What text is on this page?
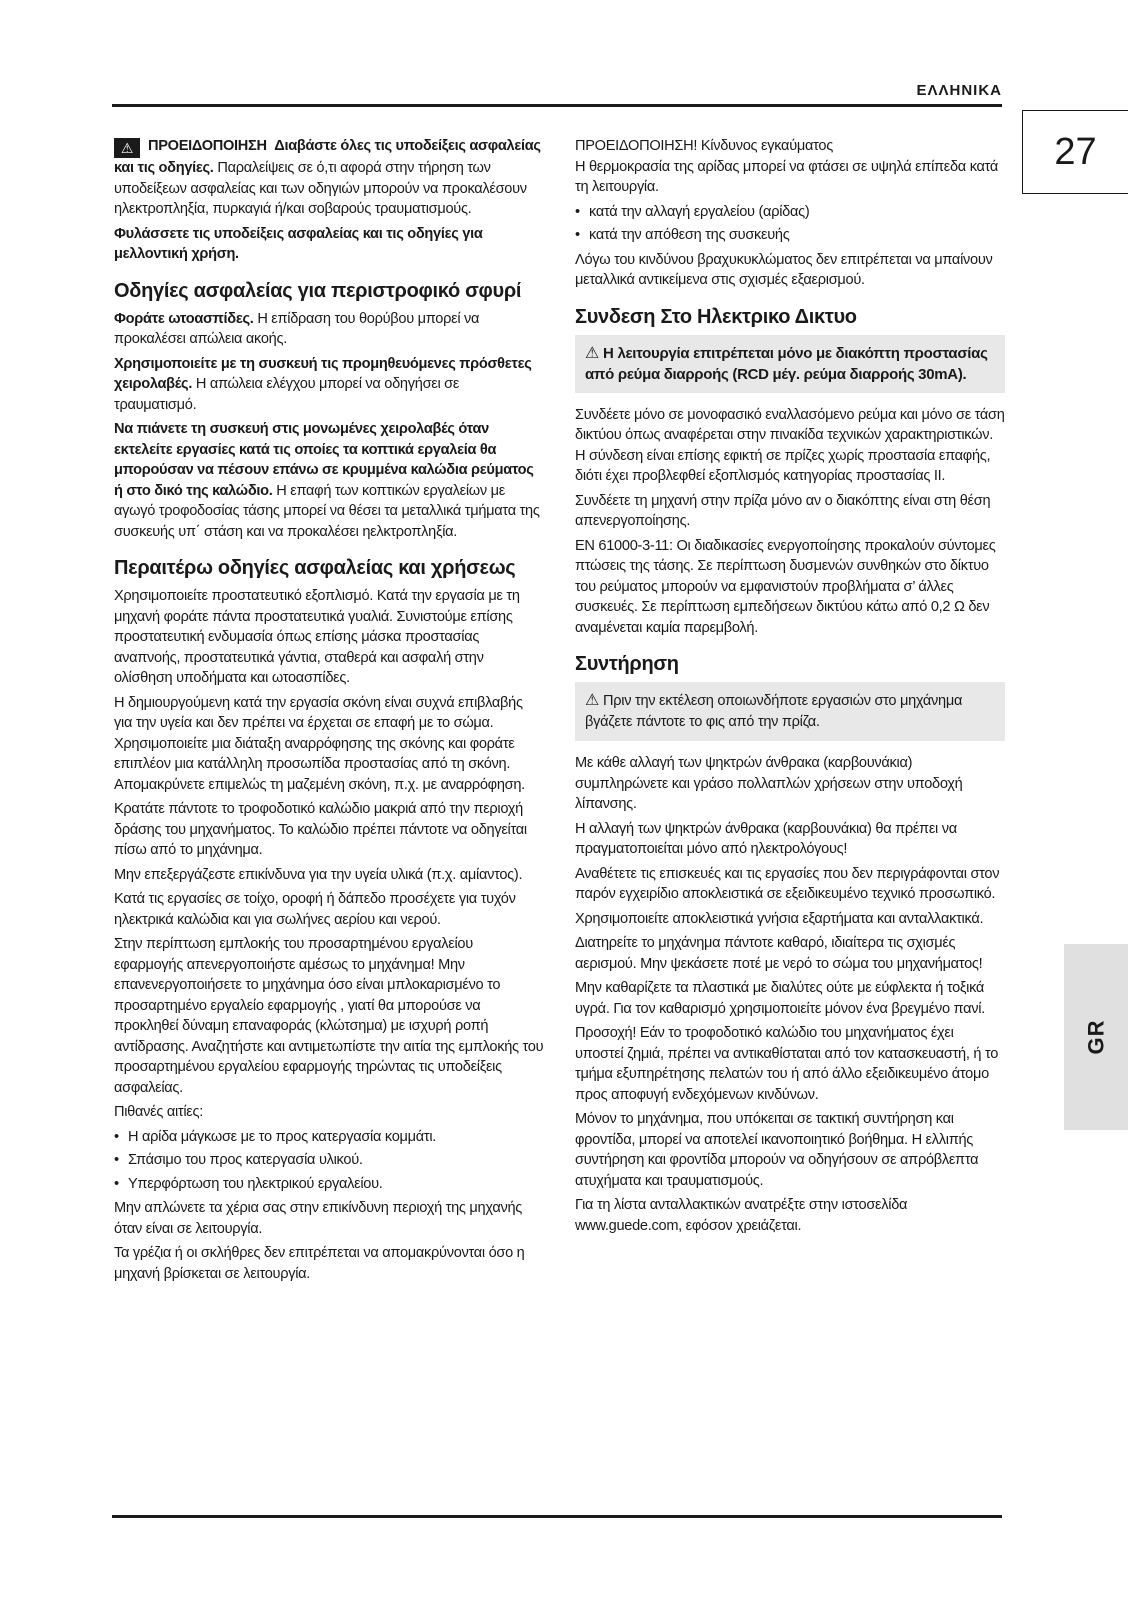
ΕΛΛΗΝΙΚΑ
27
GR

⚠ ΠΡΟΕΙΔΟΠΟΙΗΣΗ Διαβάστε όλες τις υποδείξεις ασφαλείας και τις οδηγίες. Παραλείψεις σε ό,τι αφορά στην τήρηση των υποδείξεων ασφαλείας και των οδηγιών μπορούν να προκαλέσουν ηλεκτροπληξία, πυρκαγιά ή/και σοβαρούς τραυματισμούς.

Φυλάσσετε τις υποδείξεις ασφαλείας και τις οδηγίες για μελλοντική χρήση.

Οδηγίες ασφαλείας για περιστροφικό σφυρί

Φοράτε ωτοασπίδες. Η επίδραση του θορύβου μπορεί να προκαλέσει απώλεια ακοής.

Χρησιμοποιείτε με τη συσκευή τις προμηθευόμενες πρόσθετες χειρολαβές. Η απώλεια ελέγχου μπορεί να οδηγήσει σε τραυματισμό.

Να πιάνετε τη συσκευή στις μονωμένες χειρολαβές όταν εκτελείτε εργασίες κατά τις οποίες τα κοπτικά εργαλεία θα μπορούσαν να πέσουν επάνω σε κρυμμένα καλώδια ρεύματος ή στο δικό της καλώδιο. Η επαφή των κοπτικών εργαλείων με αγωγό τροφοδοσίας τάσης μπορεί να θέσει τα μεταλλικά τμήματα της συσκευής υπ΄ στάση και να προκαλέσει ηελκτροπληξία.

Περαιτέρω οδηγίες ασφαλείας και χρήσεως

Χρησιμοποιείτε προστατευτικό εξοπλισμό. Κατά την εργασία με τη μηχανή φοράτε πάντα προστατευτικά γυαλιά. Συνιστούμε επίσης προστατευτική ενδυμασία όπως επίσης μάσκα προστασίας αναπνοής, προστατευτικά γάντια, σταθερά και ασφαλή στην ολίσθηση υποδήματα και ωτοασπίδες.

Η δημιουργούμενη κατά την εργασία σκόνη είναι συχνά επιβλαβής για την υγεία και δεν πρέπει να έρχεται σε επαφή με το σώμα. Χρησιμοποιείτε μια διάταξη αναρρόφησης της σκόνης και φοράτε επιπλέον μια κατάλληλη προσωπίδα προστασίας από τη σκόνη. Απομακρύνετε επιμελώς τη μαζεμένη σκόνη, π.χ. με αναρρόφηση.

Κρατάτε πάντοτε το τροφοδοτικό καλώδιο μακριά από την περιοχή δράσης του μηχανήματος. Το καλώδιο πρέπει πάντοτε να οδηγείται πίσω από το μηχάνημα.

Μην επεξεργάζεστε επικίνδυνα για την υγεία υλικά (π.χ. αμίαντος).

Κατά τις εργασίες σε τοίχο, οροφή ή δάπεδο προσέχετε για τυχόν ηλεκτρικά καλώδια και για σωλήνες αερίου και νερού.

Στην περίπτωση εμπλοκής του προσαρτημένου εργαλείου εφαρμογής απενεργοποιήστε αμέσως το μηχάνημα! Μην επανενεργοποιήσετε το μηχάνημα όσο είναι μπλοκαρισμένο το προσαρτημένο εργαλείο εφαρμογής , γιατί θα μπορούσε να προκληθεί δύναμη επαναφοράς (κλώτσημα) με ισχυρή ροπή αντίδρασης. Αναζητήστε και αντιμετωπίστε την αιτία της εμπλοκής του προσαρτημένου εργαλείου εφαρμογής τηρώντας τις υποδείξεις ασφαλείας.

Πιθανές αιτίες:

• Η αρίδα μάγκωσε με το προς κατεργασία κομμάτι.
• Σπάσιμο του προς κατεργασία υλικού.
• Υπερφόρτωση του ηλεκτρικού εργαλείου.

Μην απλώνετε τα χέρια σας στην επικίνδυνη περιοχή της μηχανής όταν είναι σε λειτουργία.

Τα γρέζια ή οι σκλήθρες δεν επιτρέπεται να απομακρύνονται όσο η μηχανή βρίσκεται σε λειτουργία.

ΠΡΟΕΙΔΟΠΟΙΗΣΗ! Κίνδυνος εγκαύματος

Η θερμοκρασία της αρίδας μπορεί να φτάσει σε υψηλά επίπεδα κατά τη λειτουργία.

• κατά την αλλαγή εργαλείου (αρίδας)
• κατά την απόθεση της συσκευής

Λόγω του κινδύνου βραχυκυκλώματος δεν επιτρέπεται να μπαίνουν μεταλλικά αντικείμενα στις σχισμές εξαερισμού.

Συνδεση Στο Ηλεκτρικο Δικτυο
⚠ Η λειτουργία επιτρέπεται μόνο με διακόπτη προστασίας από ρεύμα διαρροής (RCD μέγ. ρεύμα διαρροής 30mA).

Συνδέετε μόνο σε μονοφασικό εναλλασόμενο ρεύμα και μόνο σε τάση δικτύου όπως αναφέρεται στην πινακίδα τεχνικών χαρακτηριστικών. Η σύνδεση είναι επίσης εφικτή σε πρίζες χωρίς προστασία επαφής, διότι έχει προβλεφθεί εξοπλισμός κατηγορίας προστασίας II.

Συνδέετε τη μηχανή στην πρίζα μόνο αν ο διακόπτης είναι στη θέση απενεργοποίησης.

EN 61000-3-11: Οι διαδικασίες ενεργοποίησης προκαλούν σύντομες πτώσεις της τάσης. Σε περίπτωση δυσμενών συνθηκών στο δίκτυο του ρεύματος μπορούν να εμφανιστούν προβλήματα σ’ άλλες συσκευές. Σε περίπτωση εμπεδήσεων δικτύου κάτω από 0,2 Ω δεν αναμένεται καμία παρεμβολή.

Συντήρηση
⚠ Πριν την εκτέλεση οποιωνδήποτε εργασιών στο μηχάνημα βγάζετε πάντοτε το φις από την πρίζα.

Με κάθε αλλαγή των ψηκτρών άνθρακα (καρβουνάκια) συμπληρώνετε και γράσο πολλαπλών χρήσεων στην υποδοχή λίπανσης.

Η αλλαγή των ψηκτρών άνθρακα (καρβουνάκια) θα πρέπει να πραγματοποιείται μόνο από ηλεκτρολόγους!

Αναθέτετε τις επισκευές και τις εργασίες που δεν περιγράφονται στον παρόν εγχειρίδιο αποκλειστικά σε εξειδικευμένο τεχνικό προσωπικό.

Χρησιμοποιείτε αποκλειστικά γνήσια εξαρτήματα και ανταλλακτικά.

Διατηρείτε το μηχάνημα πάντοτε καθαρό, ιδιαίτερα τις σχισμές αερισμού. Μην ψεκάσετε ποτέ με νερό το σώμα του μηχανήματος!

Μην καθαρίζετε τα πλαστικά με διαλύτες ούτε με εύφλεκτα ή τοξικά υγρά. Για τον καθαρισμό χρησιμοποιείτε μόνον ένα βρεγμένο πανί.

Προσοχή! Εάν το τροφοδοτικό καλώδιο του μηχανήματος έχει υποστεί ζημιά, πρέπει να αντικαθίσταται από τον κατασκευαστή, ή το τμήμα εξυπηρέτησης πελατών του ή από άλλο εξειδικευμένο άτομο προς αποφυγή ενδεχόμενων κινδύνων.

Μόνον το μηχάνημα, που υπόκειται σε τακτική συντήρηση και φροντίδα, μπορεί να αποτελεί ικανοποιητικό βοήθημα. Η ελλιπής συντήρηση και φροντίδα μπορούν να οδηγήσουν σε απρόβλεπτα ατυχήματα και τραυματισμούς.

Για τη λίστα ανταλλακτικών ανατρέξτε στην ιστοσελίδα www.guede.com, εφόσον χρειάζεται.
